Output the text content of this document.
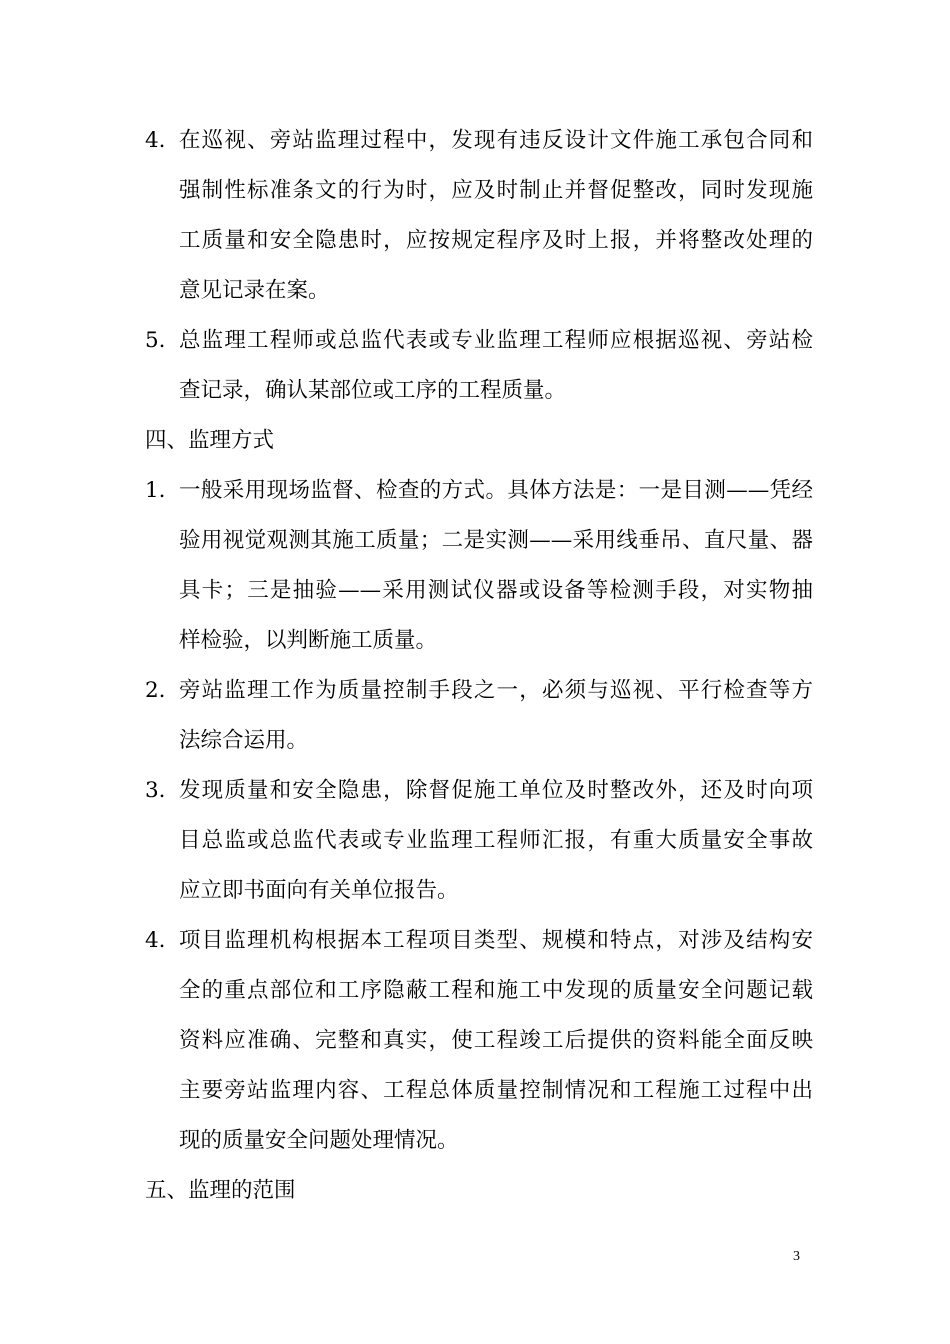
4. 在巡视、旁站监理过程中，发现有违反设计文件施工承包合同和
强制性标准条文的行为时，应及时制止并督促整改，同时发现施
工质量和安全隐患时，应按规定程序及时上报，并将整改处理的
意见记录在案。
5. 总监理工程师或总监代表或专业监理工程师应根据巡视、旁站检
查记录，确认某部位或工序的工程质量。
四、监理方式
1. 一般采用现场监督、检查的方式。具体方法是：一是目测——凭经
验用视觉观测其施工质量；二是实测——采用线垂吊、直尺量、器
具卡；三是抽验——采用测试仪器或设备等检测手段，对实物抽
样检验，以判断施工质量。
2. 旁站监理工作为质量控制手段之一，必须与巡视、平行检查等方
法综合运用。
3. 发现质量和安全隐患，除督促施工单位及时整改外，还及时向项
目总监或总监代表或专业监理工程师汇报，有重大质量安全事故
应立即书面向有关单位报告。
4. 项目监理机构根据本工程项目类型、规模和特点，对涉及结构安
全的重点部位和工序隐蔽工程和施工中发现的质量安全问题记载
资料应准确、完整和真实，使工程竣工后提供的资料能全面反映
主要旁站监理内容、工程总体质量控制情况和工程施工过程中出
现的质量安全问题处理情况。
五、监理的范围
3
